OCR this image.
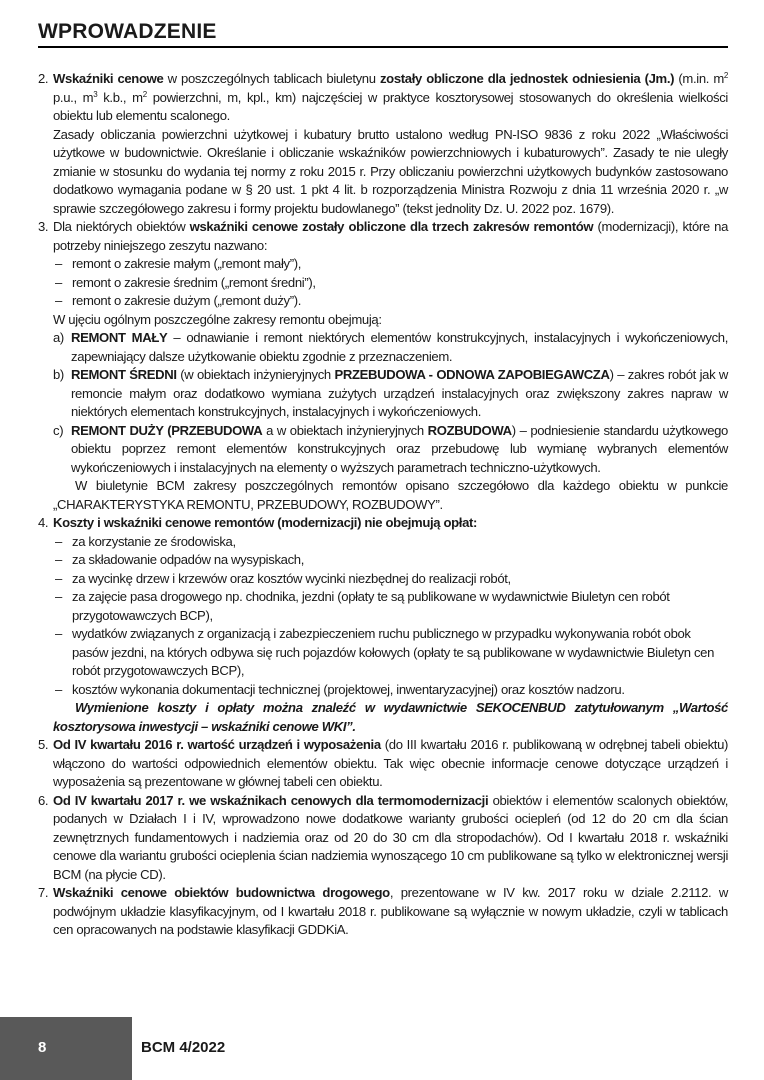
WPROWADZENIE
2. Wskaźniki cenowe w poszczególnych tablicach biuletynu zostały obliczone dla jednostek odniesienia (Jm.) (m.in. $m^2$ p.u., $m^3$ k.b., $m^2$ powierzchni, m, kpl., km) najczęściej w praktyce kosztorysowej stosowanych do określenia wielkości obiektu lub elementu scalonego.

Zasady obliczania powierzchni użytkowej i kubatury brutto ustalono według PN-ISO 9836 z roku 2022 „Właściwości użytkowe w budownictwie. Określanie i obliczanie wskaźników powierzchniowych i kubaturowych”. Zasady te nie uległy zmianie w stosunku do wydania tej normy z roku 2015 r. Przy obliczaniu powierzchni użytkowych budynków zastosowano dodatkowo wymagania podane w § 20 ust. 1 pkt 4 lit. b rozporządzenia Ministra Rozwoju z dnia 11 września 2020 r. „w sprawie szczegółowego zakresu i formy projektu budowlanego” (tekst jednolity Dz. U. 2022 poz. 1679).

3. Dla niektórych obiektów wskaźniki cenowe zostały obliczone dla trzech zakresów remontów (modernizacji), które na potrzeby niniejszego zeszytu nazwano:

– remont o zakresie małym („remont mały”),
– remont o zakresie średnim („remont średni”),
– remont o zakresie dużym („remont duży”).

W ujęciu ogólnym poszczególne zakresy remontu obejmują:

a) REMONT MAŁY – odnawianie i remont niektórych elementów konstrukcyjnych, instalacyjnych i wykończeniowych, zapewniający dalsze użytkowanie obiektu zgodnie z przeznaczeniem.

b) REMONT ŚREDNI (w obiektach inżynieryjnych PRZEBUDOWA - ODNOWA ZAPOBIEGAWCZA) – zakres robót jak w remoncie małym oraz dodatkowo wymiana zużytych urządzeń instalacyjnych oraz zwiększony zakres napraw w niektórych elementach konstrukcyjnych, instalacyjnych i wykończeniowych.

c) REMONT DUŻY (PRZEBUDOWA a w obiektach inżynieryjnych ROZBUDOWA) – podniesienie standardu użytkowego obiektu poprzez remont elementów konstrukcyjnych oraz przebudowę lub wymianę wybranych elementów wykończeniowych i instalacyjnych na elementy o wyższych parametrach techniczno-użytkowych.

W biuletynie BCM zakresy poszczególnych remontów opisano szczegółowo dla każdego obiektu w punkcie „CHARAKTERYSTYKA REMONTU, PRZEBUDOWY, ROZBUDOWY”.

4. Koszty i wskaźniki cenowe remontów (modernizacji) nie obejmują opłat:

– za korzystanie ze środowiska,
– za składowanie odpadów na wysypiskach,
– za wycinkę drzew i krzewów oraz kosztów wycinki niezbędnej do realizacji robót,
– za zajęcie pasa drogowego np. chodnika, jezdni (opłaty te są publikowane w wydawnictwie Biuletyn cen robót przygotowawczych BCP),
– wydatków związanych z organizacją i zabezpieczeniem ruchu publicznego w przypadku wykonywania robót obok pasów jezdni, na których odbywa się ruch pojazdów kołowych (opłaty te są publikowane w wydawnictwie Biuletyn cen robót przygotowawczych BCP),
– kosztów wykonania dokumentacji technicznej (projektowej, inwentaryzacyjnej) oraz kosztów nadzoru.

Wymienione koszty i opłaty można znaleźć w wydawnictwie SEKOCENBUD zatytułowanym „Wartość kosztorysowa inwestycji – wskaźniki cenowe WKI”.

5. Od IV kwartału 2016 r. wartość urządzeń i wyposażenia (do III kwartału 2016 r. publikowaną w odrębnej tabeli obiektu) włączono do wartości odpowiednich elementów obiektu. Tak więc obecnie informacje cenowe dotyczące urządzeń i wyposażenia są prezentowane w głównej tabeli cen obiektu.

6. Od IV kwartału 2017 r. we wskaźnikach cenowych dla termomodernizacji obiektów i elementów scalonych obiektów, podanych w Działach I i IV, wprowadzono nowe dodatkowe warianty grubości ociepleń (od 12 do 20 cm dla ścian zewnętrznych fundamentowych i nadziemia oraz od 20 do 30 cm dla stropodachów). Od I kwartału 2018 r. wskaźniki cenowe dla wariantu grubości ocieplenia ścian nadziemia wynoszącego 10 cm publikowane są tylko w elektronicznej wersji BCM (na płycie CD).

7. Wskaźniki cenowe obiektów budownictwa drogowego, prezentowane w IV kw. 2017 roku w dziale 2.2112. w podwójnym układzie klasyfikacyjnym, od I kwartału 2018 r. publikowane są wyłącznie w nowym układzie, czyli w tablicach cen opracowanych na podstawie klasyfikacji GDDKiA.

8	BCM 4/2022
